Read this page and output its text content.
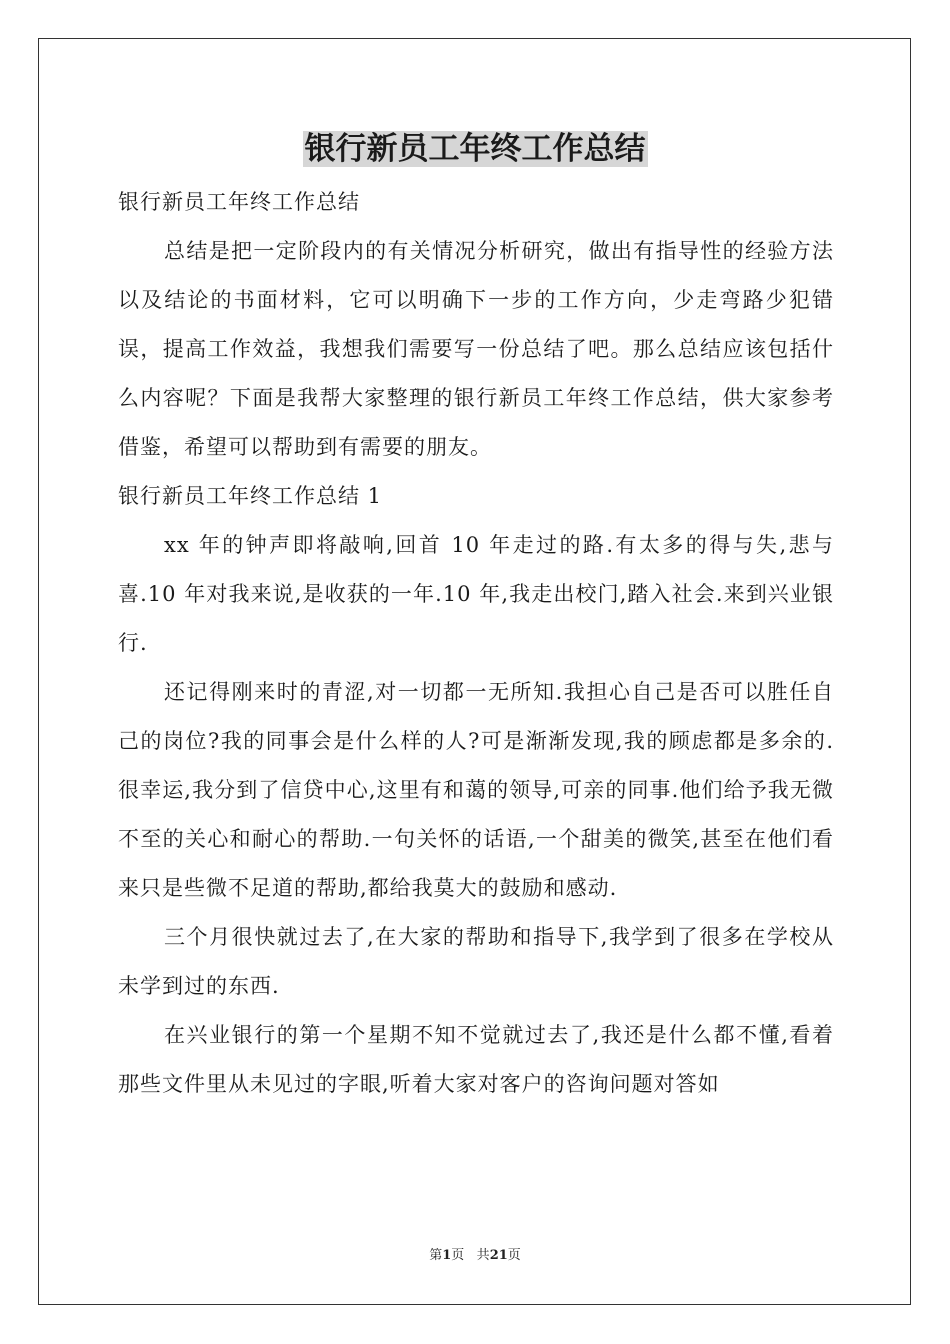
银行新员工年终工作总结

银行新员工年终工作总结

总结是把一定阶段内的有关情况分析研究，做出有指导性的经验方法以及结论的书面材料，它可以明确下一步的工作方向，少走弯路少犯错误，提高工作效益，我想我们需要写一份总结了吧。那么总结应该包括什么内容呢？下面是我帮大家整理的银行新员工年终工作总结，供大家参考借鉴，希望可以帮助到有需要的朋友。

银行新员工年终工作总结 1

xx 年的钟声即将敲响,回首 10 年走过的路.有太多的得与失,悲与喜.10 年对我来说,是收获的一年.10 年,我走出校门,踏入社会.来到兴业银行.

还记得刚来时的青涩,对一切都一无所知.我担心自己是否可以胜任自己的岗位?我的同事会是什么样的人?可是渐渐发现,我的顾虑都是多余的.很幸运,我分到了信贷中心,这里有和蔼的领导,可亲的同事.他们给予我无微不至的关心和耐心的帮助.一句关怀的话语,一个甜美的微笑,甚至在他们看来只是些微不足道的帮助,都给我莫大的鼓励和感动.

三个月很快就过去了,在大家的帮助和指导下,我学到了很多在学校从未学到过的东西.

在兴业银行的第一个星期不知不觉就过去了,我还是什么都不懂,看着那些文件里从未见过的字眼,听着大家对客户的咨询问题对答如

第1页 共21页
